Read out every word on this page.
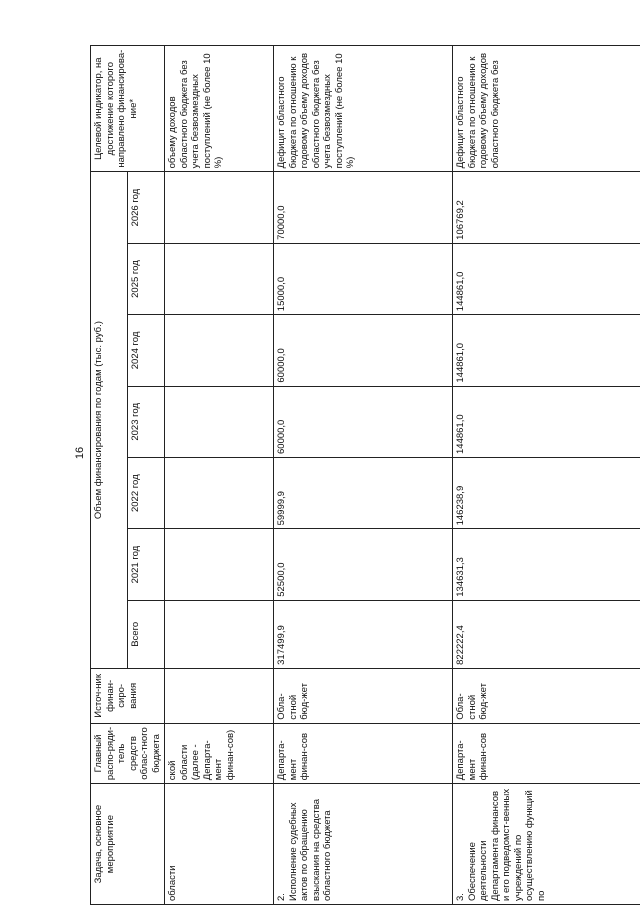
16
Задача, основное мероприятие	Главный распо-ряди-тель средств облас-тного бюджета	Источ-ник финан-сиро-вания	Объем финансирования по годам (тыс. руб.)							Целевой индикатор, на достижение которого направлено финансирова-ние*
			Всего	2021 год	2022 год	2023 год	2024 год	2025 год	2026 год	

области	ской области (далее - Департа-мент финан-сов)									объему доходов областного бюджета без учета безвозмездных поступлений (не более 10 %)

2. Исполнение судебных актов по обращению взыскания на средства областного бюджета	Департа-мент финан-сов	Обла-стной бюд-жет	317499,9	52500,0	59999,9	60000,0	60000,0	15000,0	70000,0	Дефицит областного бюджета по отношению к годовому объему доходов областного бюджета без учета безвозмездных поступлений (не более 10 %)

3. Обеспечение деятельности Департамента финансов и его подведомст-венных учреждений по осуществлению функций по	Департа-мент финан-сов	Обла-стной бюд-жет	822222,4	134631,3	146238,9	144861,0	144861,0	144861,0	106769,2	Дефицит областного бюджета по отношению к годовому объему доходов областного бюджета без
